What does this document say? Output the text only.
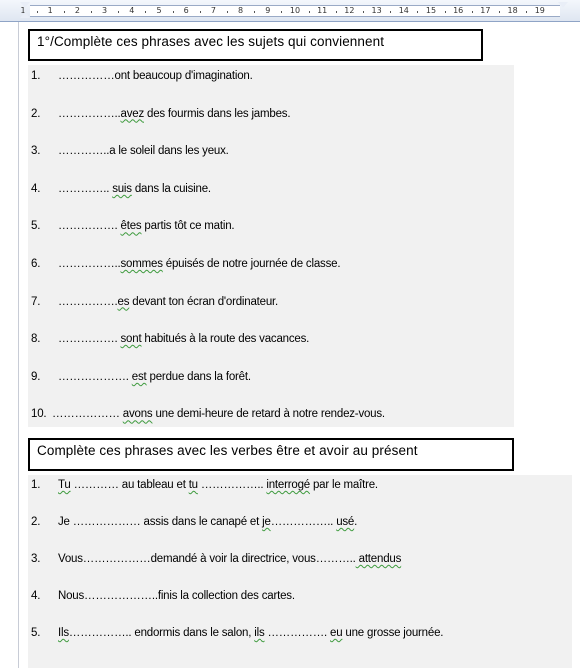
1	1	2	3	4	5	6	7	8	9 10 11 12 13 14 15 16 17 18 19
1°/Complète ces phrases avec les sujets qui conviennent
1. ……………ont beaucoup d'imagination.
2. ……………..avez des fourmis dans les jambes.
3. …………..a le soleil dans les yeux.
4. ………….. suis dans la cuisine.
5. ……………. êtes partis tôt ce matin.
6. ……………..sommes épuisés de notre journée de classe.
7. …………….es devant ton écran d'ordinateur.
8. ……………. sont habitués à la route des vacances.
9. ………………. est perdue dans la forêt.
10. ……………… avons une demi-heure de retard à notre rendez-vous.
Complète ces phrases avec les verbes être et avoir au présent
1. Tu ………… au tableau et tu …………….. interrogé par le maître.
2. Je ……………… assis dans le canapé et je…………….. usé.
3. Vous………………demandé à voir la directrice, vous……….. attendus
4. Nous………………..finis la collection des cartes.
5. Ils…………….. endormis dans le salon, ils ……………. eu une grosse journée.
